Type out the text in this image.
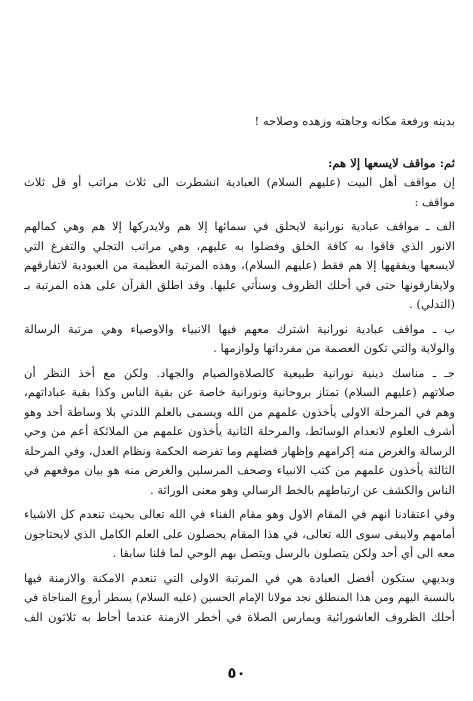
بدينه ورفعة مكانه وجاهته وزهده وصلاحه !
ثم: مواقف لايسعها إلا هم:
إن مواقف أهل البيت (عليهم السلام) العبادية انشطرت الى ثلاث مراتب أو قل ثلاث
مواقف :
الف ـ مواقف عبادية نورانية لايحلق في سمائها إلا هم ولايدركها إلا هم وهي كمالهم
الانور الذي فاقوا به كافة الخلق وفضلوا به عليهم، وهي مراتب التجلي والتفرغ التي
لايسعها ويفقهها إلا هم فقط (عليهم السلام)، وهذه المرتبة العظيمة من العبودية لاتفارقهم
ولايفارقونها حتى في أحلك الظروف وسنأتي عليها. وقد اطلق القرآن على هذه المرتبة بـ
(التدلي) .
ب ـ مواقف عبادية نورانية اشترك معهم فيها الانبياء والاوصياء وهي مرتبة الرسالة
والولاية والتي تكون العصمة من مفرداتها ولوازمها .
جـ ـ مناسك دينية نورانية طبيعية كالصلاةوالصيام والجهاد. ولكن مع أخذ النظر أن
صلاتهم (عليهم السلام) تمتاز بروحانية ونورانية خاصة عن بقية الناس وكذا بقية عباداتهم،
وهم في المرحلة الاولى يأخذون علمهم من الله ويسمى بالعلم اللدني بلا وساطة أحد وهو
أشرف العلوم لانعدام الوسائط، والمرحلة الثانية يأخذون علمهم من الملائكة أعم من وحي
الرسالة والغرض منه إكرامهم وإظهار فضلهم وما تفرضه الحكمة ونظام العدل، وفي المرحلة
الثالثة يأخذون علمهم من كتب الانبياء وصحف المرسلين والغرض منه هو بيان موقعهم في
الناس والكشف عن ارتباطهم بالخط الرسالي وهو معنى الوراثة .
وفي اعتقادنا انهم في المقام الاول وهو مقام الفناء في الله تعالى بحيث تنعدم كل الاشياء
أمامهم ولايبقى سوى الله تعالى، في هذا المقام يحصلون على العلم الكامل الذي لايحتاجون
معه الى أي أحد ولكن يتصلون بالرسل ويتصل بهم الوحي لما قلنا سابقا .
وبديهي ستكون أفضل العبادة هي في المرتبة الاولى التي تنعدم الامكنة والازمنة فيها
بالنسبة اليهم ومن هذا المنطلق نجد مولانا الإمام الحسين (عليه السلام) يسطر أروع المناجاة في
أحلك الظروف العاشورائية ويمارس الصلاة في أخطر الازمنة عندما أحاط به ثلاثون الف
٥٠
